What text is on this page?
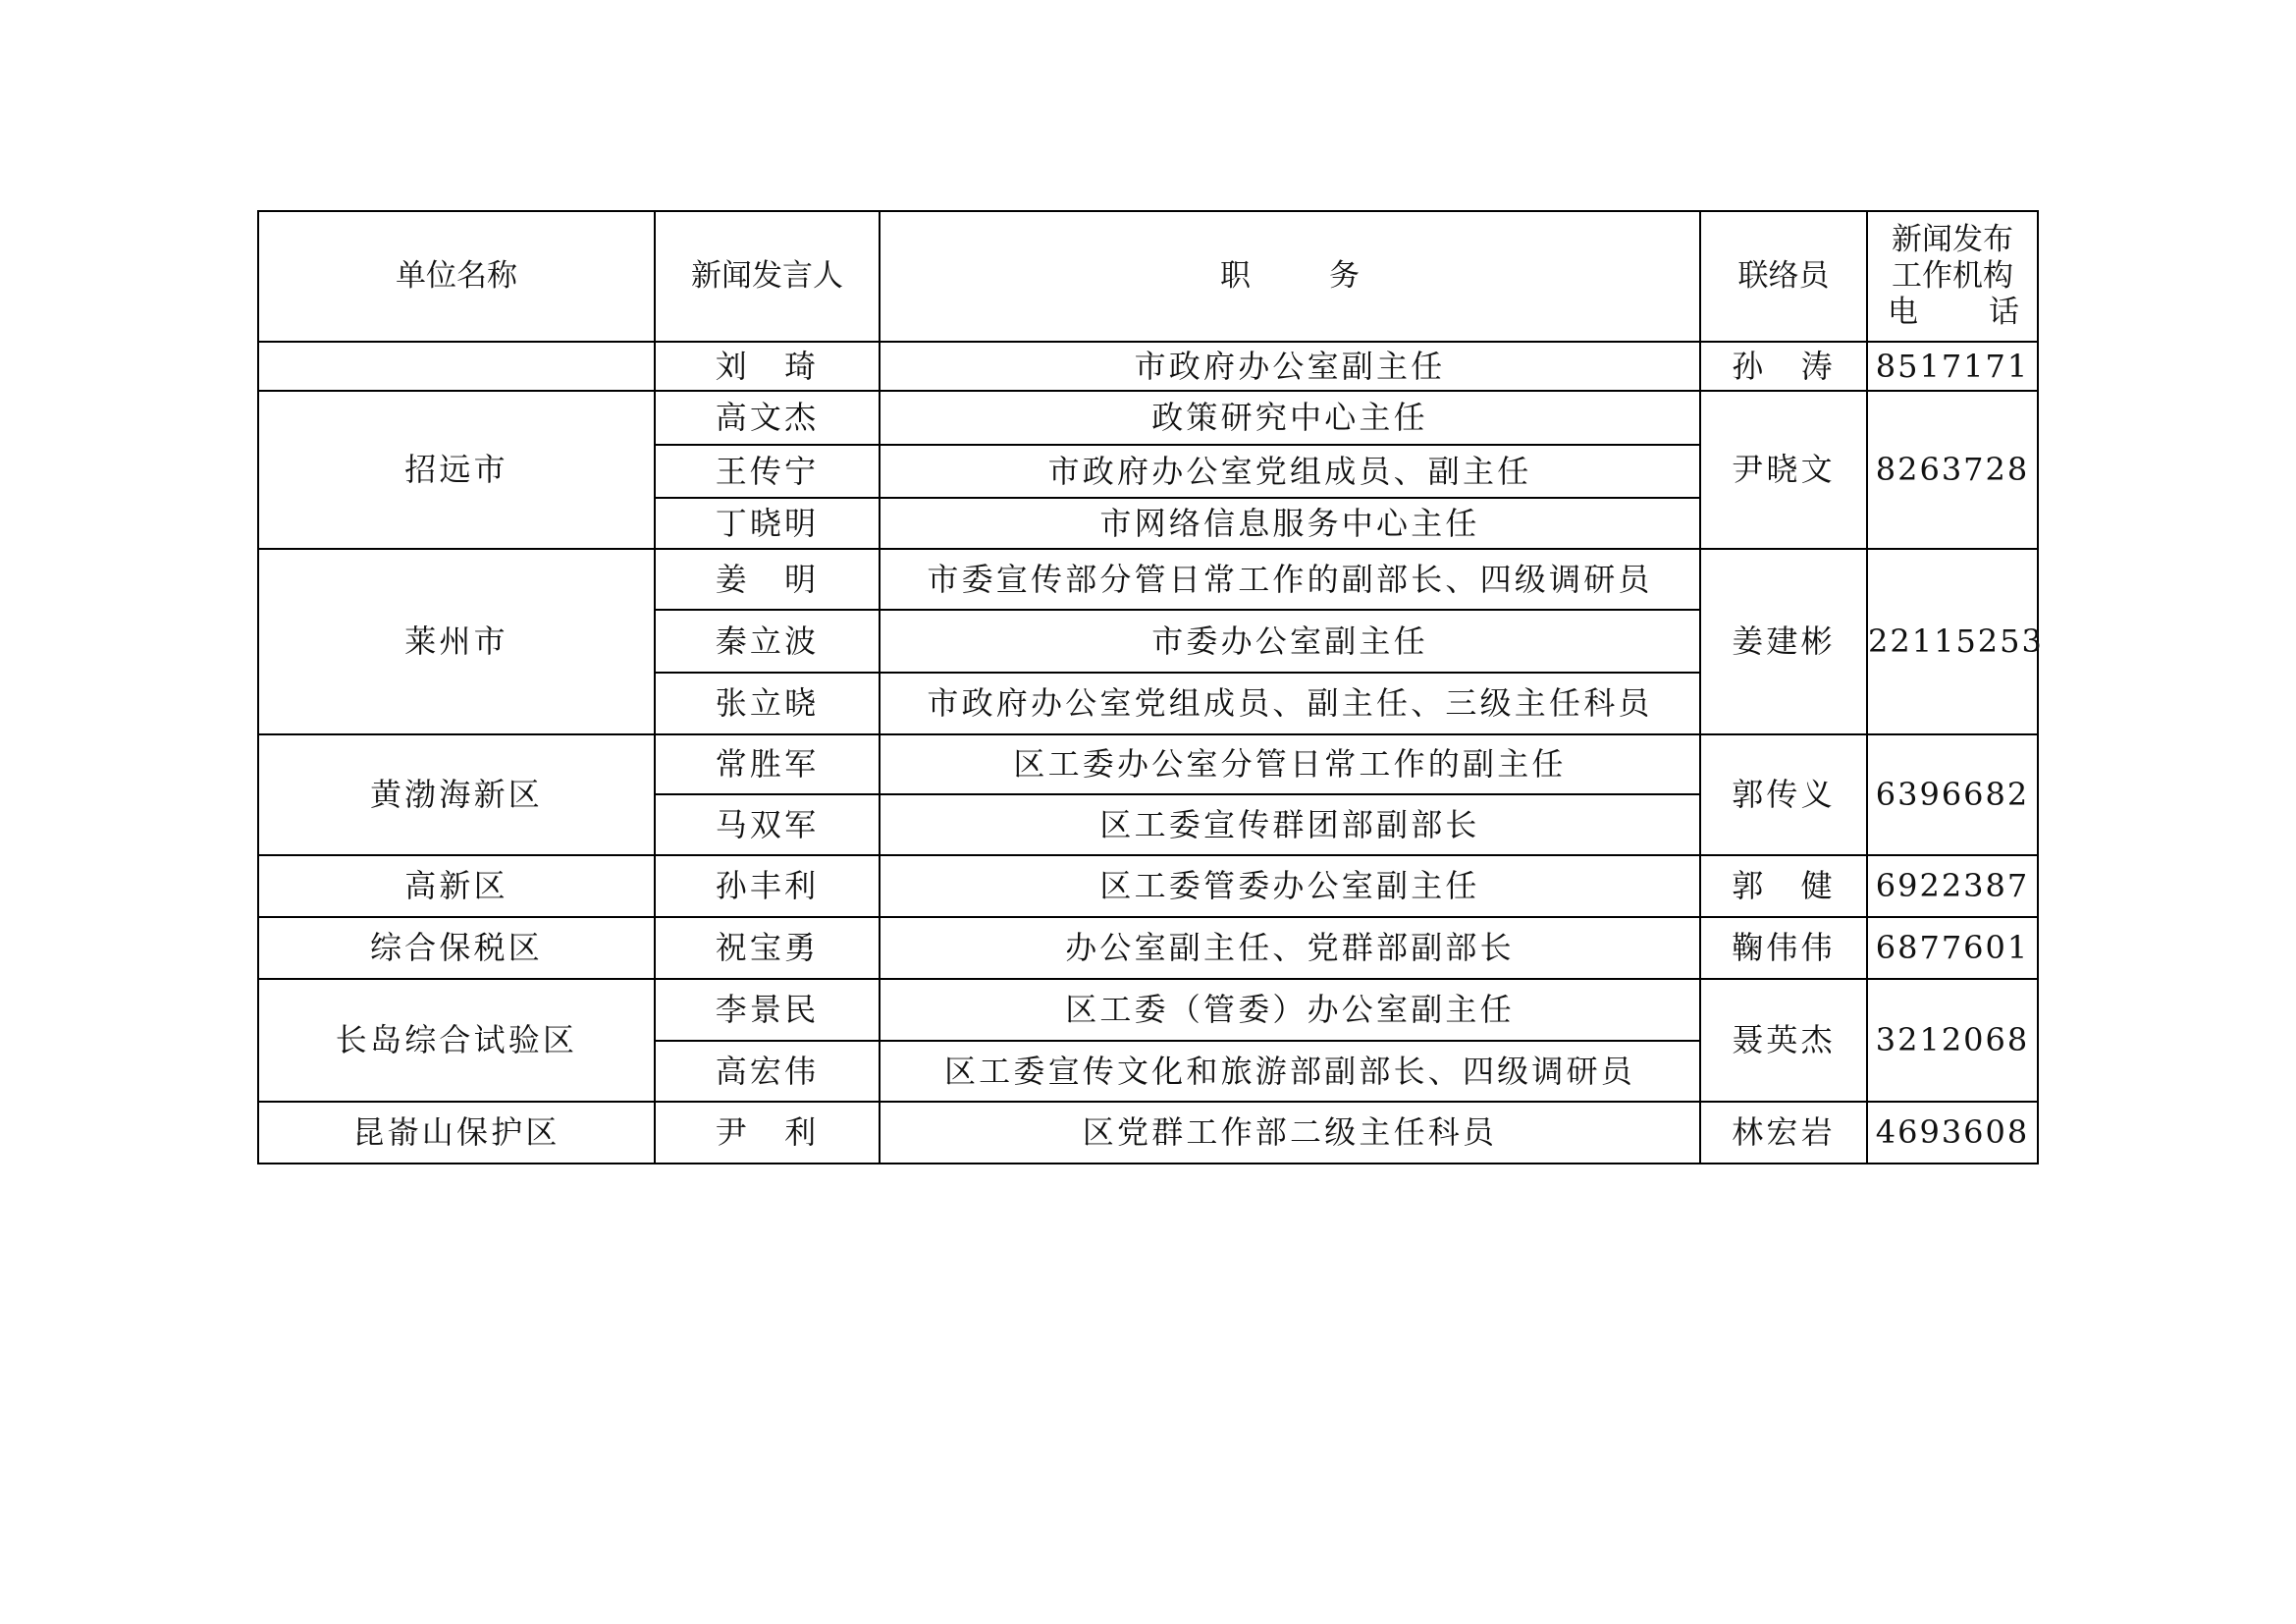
单位名称	新闻发言人	职 务	联络员	新闻发布
工作机构
电 话

	刘　琦	市政府办公室副主任	孙　涛	8517171
招远市	高文杰	政策研究中心主任	尹晓文	8263728
	王传宁	市政府办公室党组成员、副主任		
	丁晓明	市网络信息服务中心主任		
莱州市	姜　明	市委宣传部分管日常工作的副部长、四级调研员	姜建彬	22115253
	秦立波	市委办公室副主任		
	张立晓	市政府办公室党组成员、副主任、三级主任科员		
黄渤海新区	常胜军	区工委办公室分管日常工作的副主任	郭传义	6396682
	马双军	区工委宣传群团部副部长		
高新区	孙丰利	区工委管委办公室副主任	郭　健	6922387
综合保税区	祝宝勇	办公室副主任、党群部副部长	鞠伟伟	6877601
长岛综合试验区	李景民	区工委（管委）办公室副主任	聂英杰	3212068
	高宏伟	区工委宣传文化和旅游部副部长、四级调研员		
昆嵛山保护区	尹　利	区党群工作部二级主任科员	林宏岩	4693608
